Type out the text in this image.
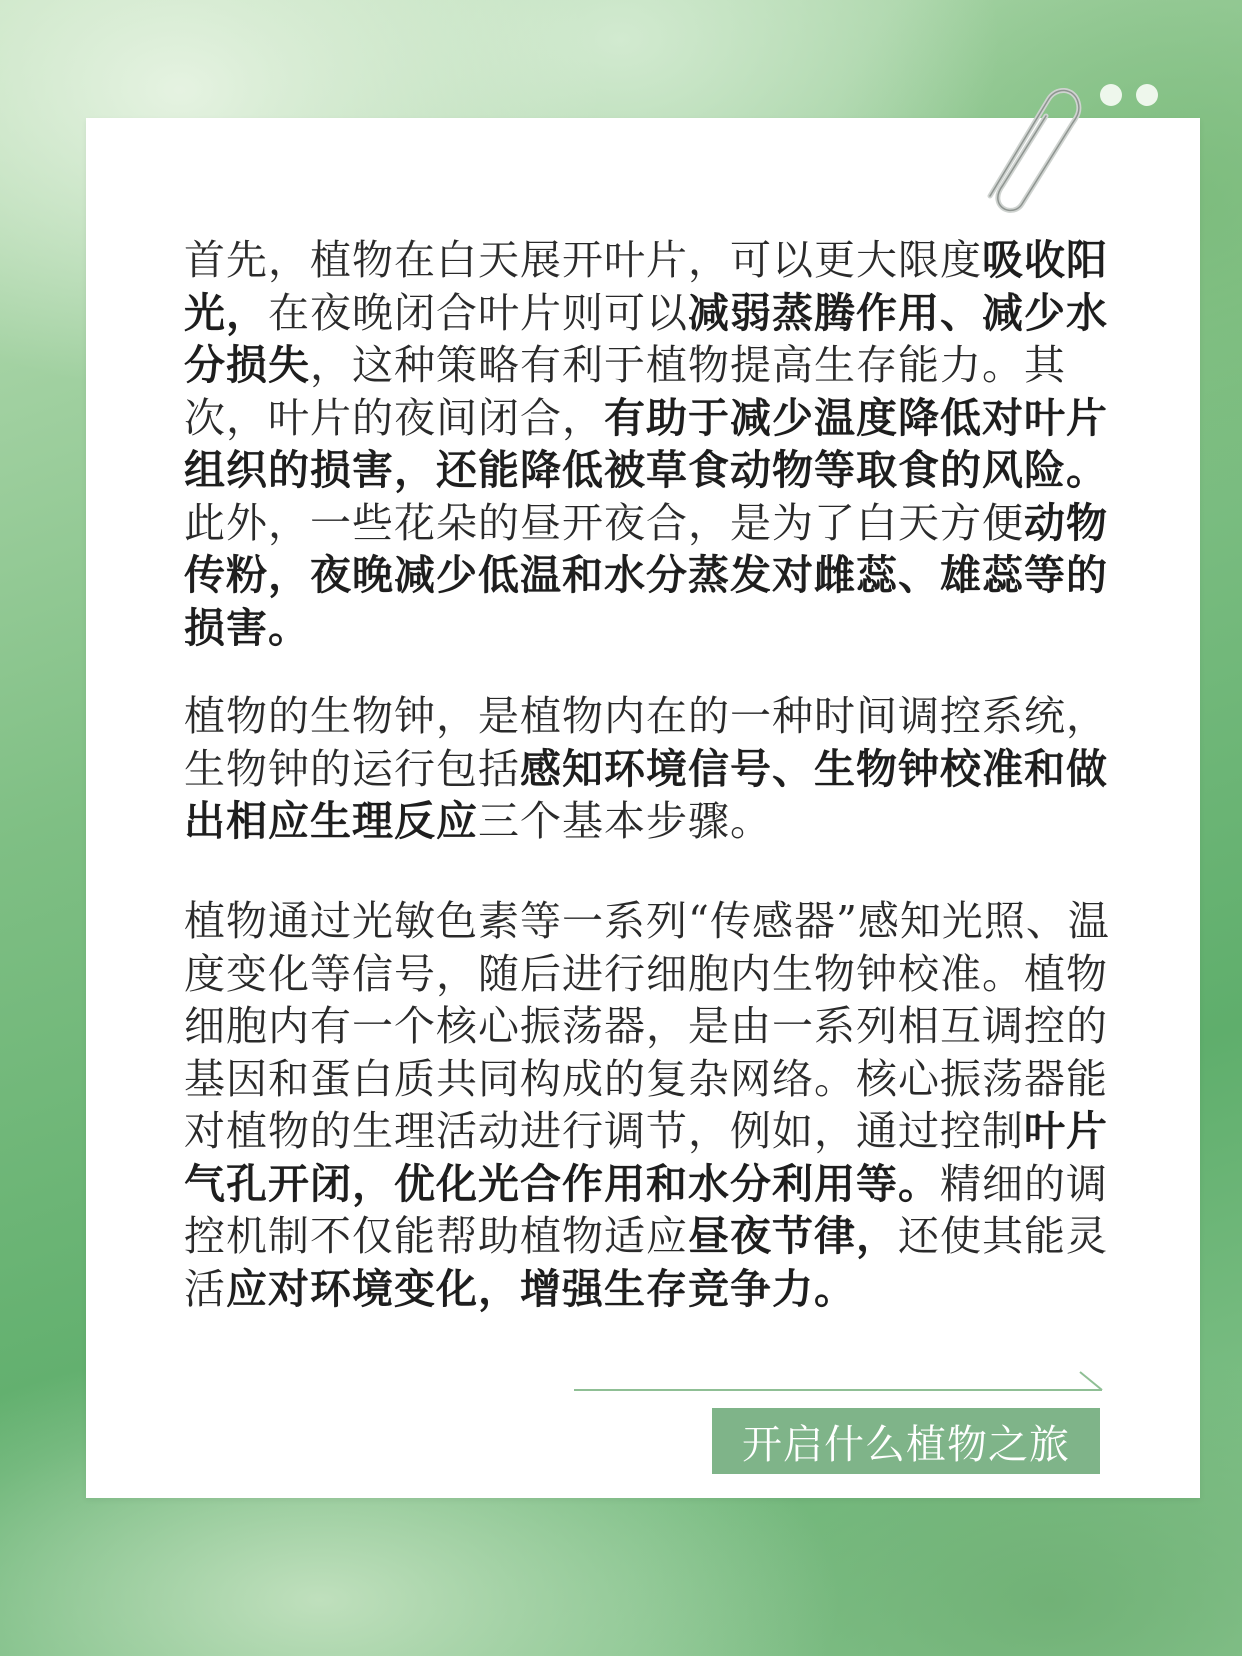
首先，植物在白天展开叶片，可以更大限度吸收阳光，在夜晚闭合叶片则可以减弱蒸腾作用、减少水分损失，这种策略有利于植物提高生存能力。其次，叶片的夜间闭合，有助于减少温度降低对叶片组织的损害，还能降低被草食动物等取食的风险。此外，一些花朵的昼开夜合，是为了白天方便动物传粉，夜晚减少低温和水分蒸发对雌蕊、雄蕊等的损害。
植物的生物钟，是植物内在的一种时间调控系统，生物钟的运行包括感知环境信号、生物钟校准和做出相应生理反应三个基本步骤。
植物通过光敏色素等一系列“传感器”感知光照、温度变化等信号，随后进行细胞内生物钟校准。植物细胞内有一个核心振荡器，是由一系列相互调控的基因和蛋白质共同构成的复杂网络。核心振荡器能对植物的生理活动进行调节，例如，通过控制叶片气孔开闭，优化光合作用和水分利用等。精细的调控机制不仅能帮助植物适应昼夜节律，还使其能灵活应对环境变化，增强生存竞争力。
开启什么植物之旅
